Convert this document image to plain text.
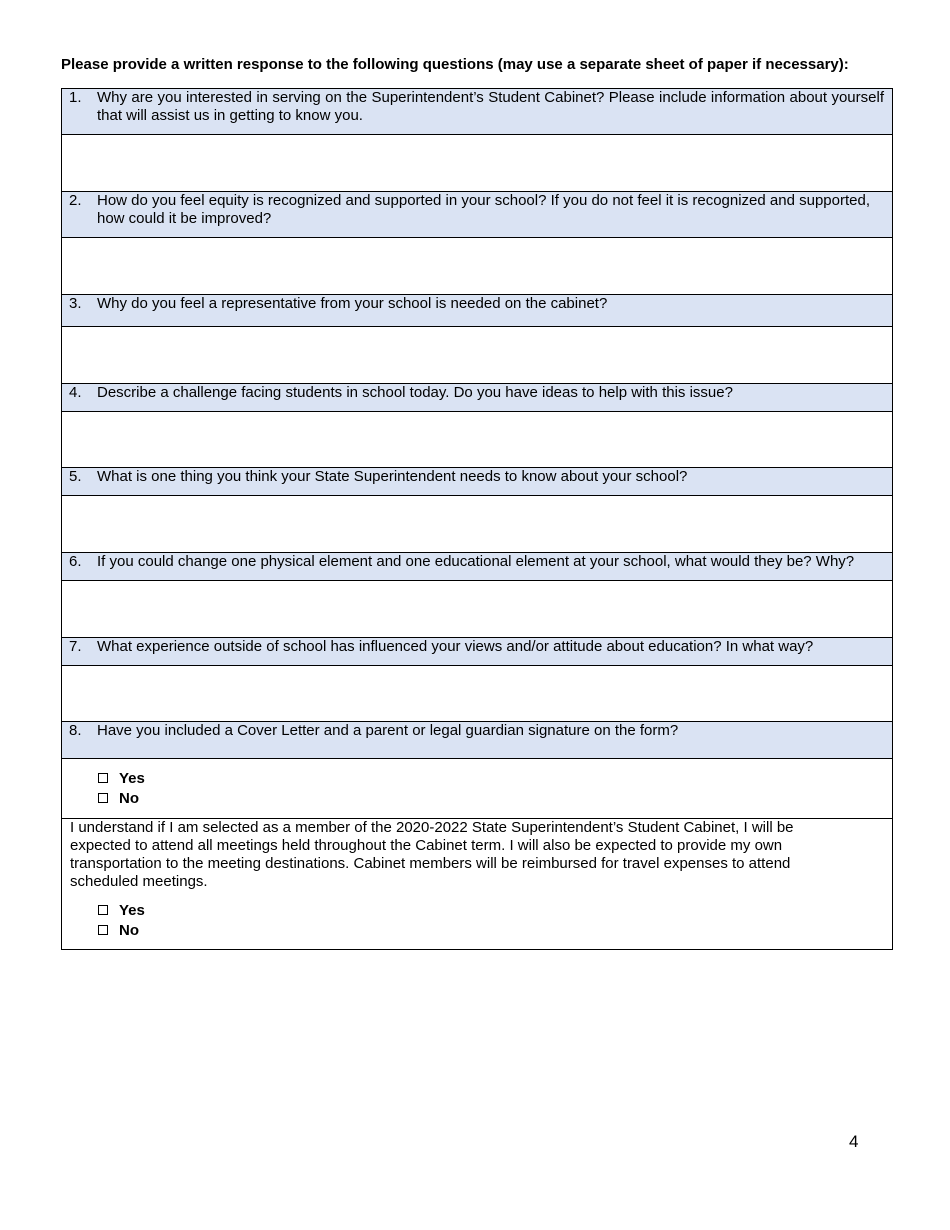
Please provide a written response to the following questions (may use a separate sheet of paper if necessary):
1.	Why are you interested in serving on the Superintendent’s Student Cabinet? Please include information about yourself that will assist us in getting to know you.

2.	How do you feel equity is recognized and supported in your school? If you do not feel it is recognized and supported, how could it be improved?

3.	Why do you feel a representative from your school is needed on the cabinet?

4.	Describe a challenge facing students in school today. Do you have ideas to help with this issue?

5.	What is one thing you think your State Superintendent needs to know about your school?

6.	If you could change one physical element and one educational element at your school, what would they be? Why?

7.	What experience outside of school has influenced your views and/or attitude about education? In what way?

8.	Have you included a Cover Letter and a parent or legal guardian signature on the form?

Yes
No

I understand if I am selected as a member of the 2020-2022 State Superintendent’s Student Cabinet, I will be expected to attend all meetings held throughout the Cabinet term. I will also be expected to provide my own transportation to the meeting destinations. Cabinet members will be reimbursed for travel expenses to attend scheduled meetings.
Yes
No
4
